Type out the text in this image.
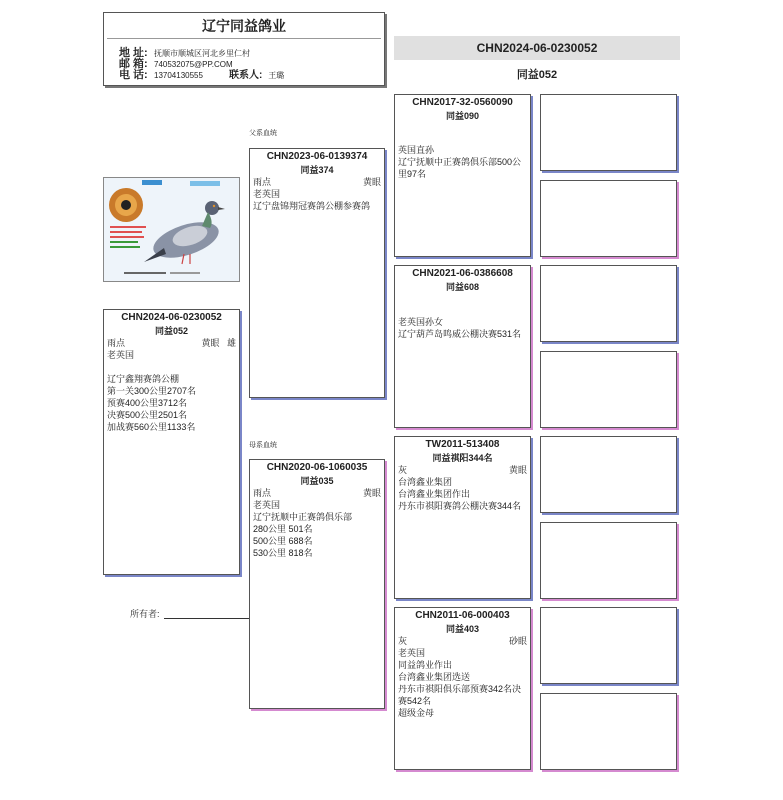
辽宁同益鸽业
地 址: 抚顺市顺城区河北乡里仁村
邮 箱: 740532075@PP.COM
电 话: 13704130555	联系人: 王璐
CHN2024-06-0230052
同益052
父系血统
母系血统
CHN2024-06-0230052
同益052
雨点	黄眼 雄
老英国
辽宁鑫翔赛鸽公棚
第一关300公里2707名
预赛400公里3712名
决赛500公里2501名
加战赛560公里1133名
所有者:
CHN2023-06-0139374
同益374
雨点	黄眼
老英国
辽宁盘锦翔冠赛鸽公棚参赛鸽
CHN2020-06-1060035
同益035
雨点	黄眼
老英国
辽宁抚顺中正赛鸽俱乐部
280公里 501名
500公里 688名
530公里 818名
CHN2017-32-0560090
同益090
英国直孙
辽宁抚顺中正赛鸽俱乐部500公
里97名
CHN2021-06-0386608
同益608
老英国孙女
辽宁葫芦岛鸣威公棚决赛531名
TW2011-513408
同益祺阳344名
灰	黄眼
台湾鑫业集团
台湾鑫业集团作出
丹东市祺阳赛鸽公棚决赛344名
CHN2011-06-000403
同益403
灰	砂眼
老英国
同益鸽业作出
台湾鑫业集团选送
丹东市祺阳俱乐部预赛342名决
赛542名
超级金母
